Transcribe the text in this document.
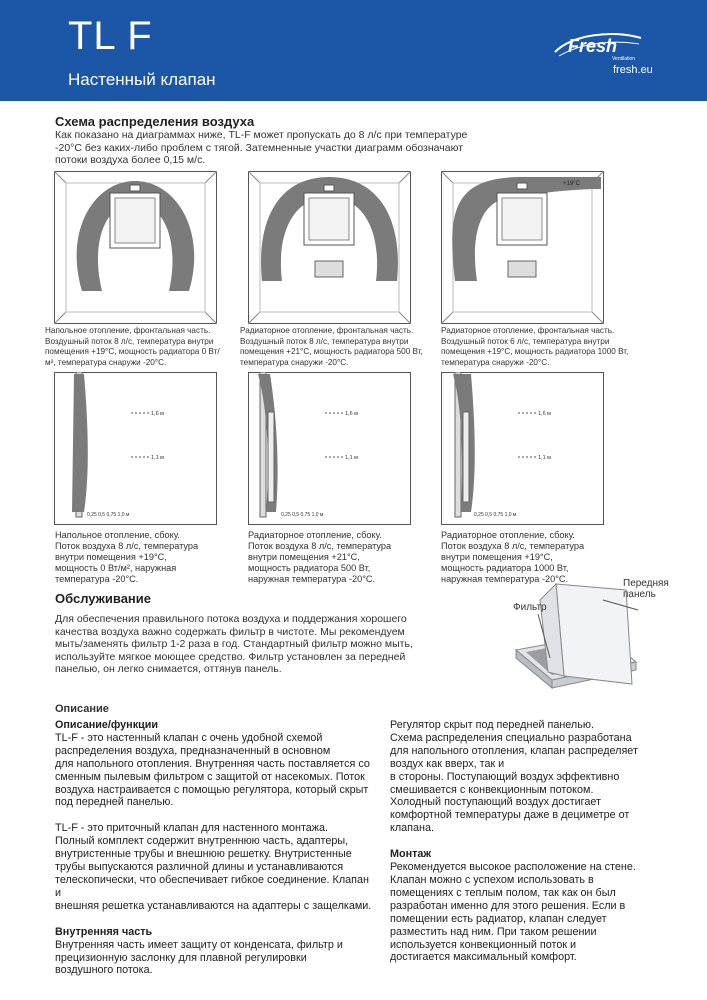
TL F
Настенный клапан
Fresh
Ventilation
fresh.eu
Схема распределения воздуха
Как показано на диаграммах ниже, TL-F может пропускать до 8 л/с при температуре
-20°C без каких-либо проблем с тягой. Затемненные участки диаграмм обозначают
потоки воздуха более 0,15 м/с.
+19°C
Напольное отопление, фронтальная часть.
Воздушный поток 8 л/с, температура внутри
помещения +19°C, мощность радиатора 0 Вт/
м², температура снаружи -20°C.
Радиаторное отопление, фронтальная часть.
Воздушный поток 8 л/с, температура внутри
помещения +21°C, мощность радиатора 500 Вт,
температура снаружи -20°C.
Радиаторное отопление, фронтальная часть.
Воздушный поток 6 л/с, температура внутри
помещения +19°C, мощность радиатора 1000 Вт,
температура снаружи -20°C.
1,6 м
1,1 м
0,25 0,5 0,75 1,0 м
1,6 м
1,1 м
0,25 0,5 0,75 1,0 м
1,6 м
1,1 м
0,25 0,5 0,75 1,0 м
Напольное отопление, сбоку.
Поток воздуха 8 л/с, температура
внутри помещения +19°C,
мощность 0 Вт/м², наружная
температура -20°C.
Радиаторное отопление, сбоку.
Поток воздуха 8 л/с, температура
внутри помещения +21°C,
мощность радиатора 500 Вт,
наружная температура -20°C.
Радиаторное отопление, сбоку.
Поток воздуха 8 л/с, температура
внутри помещения +19°C,
мощность радиатора 1000 Вт,
наружная температура -20°C.
Обслуживание
Для обеспечения правильного потока воздуха и поддержания хорошего
качества воздуха важно содержать фильтр в чистоте. Мы рекомендуем
мыть/заменять фильтр 1-2 раза в год. Стандартный фильтр можно мыть,
используйте мягкое моющее средство. Фильтр установлен за передней
панелью, он легко снимается, оттянув панель.
Передняя
панель
Фильтр
Описание
Описание/функции
TL-F - это настенный клапан с очень удобной схемой
распределения воздуха, предназначенный в основном
для напольного отопления. Внутренняя часть поставляется со
сменным пылевым фильтром с защитой от насекомых. Поток
воздуха настраивается с помощью регулятора, который скрыт
под передней панелью.
TL-F - это приточный клапан для настенного монтажа.
Полный комплект содержит внутреннюю часть, адаптеры,
внутристенные трубы и внешнюю решетку. Внутристенные
трубы выпускаются различной длины и устанавливаются
телескопически, что обеспечивает гибкое соединение. Клапан и
внешняя решетка устанавливаются на адаптеры с защелками.
Внутренняя часть
Внутренняя часть имеет защиту от конденсата, фильтр и
прецизионную заслонку для плавной регулировки
воздушного потока.
Регулятор скрыт под передней панелью.
Схема распределения специально разработана
для напольного отопления, клапан распределяет
воздух как вверх, так и
в стороны. Поступающий воздух эффективно
смешивается с конвекционным потоком.
Холодный поступающий воздух достигает
комфортной температуры даже в дециметре от
клапана.
Монтаж
Рекомендуется высокое расположение на стене.
Клапан можно с успехом использовать в
помещениях с теплым полом, так как он был
разработан именно для этого решения. Если в
помещении есть радиатор, клапан следует
разместить над ним. При таком решении
используется конвекционный поток и
достигается максимальный комфорт.
